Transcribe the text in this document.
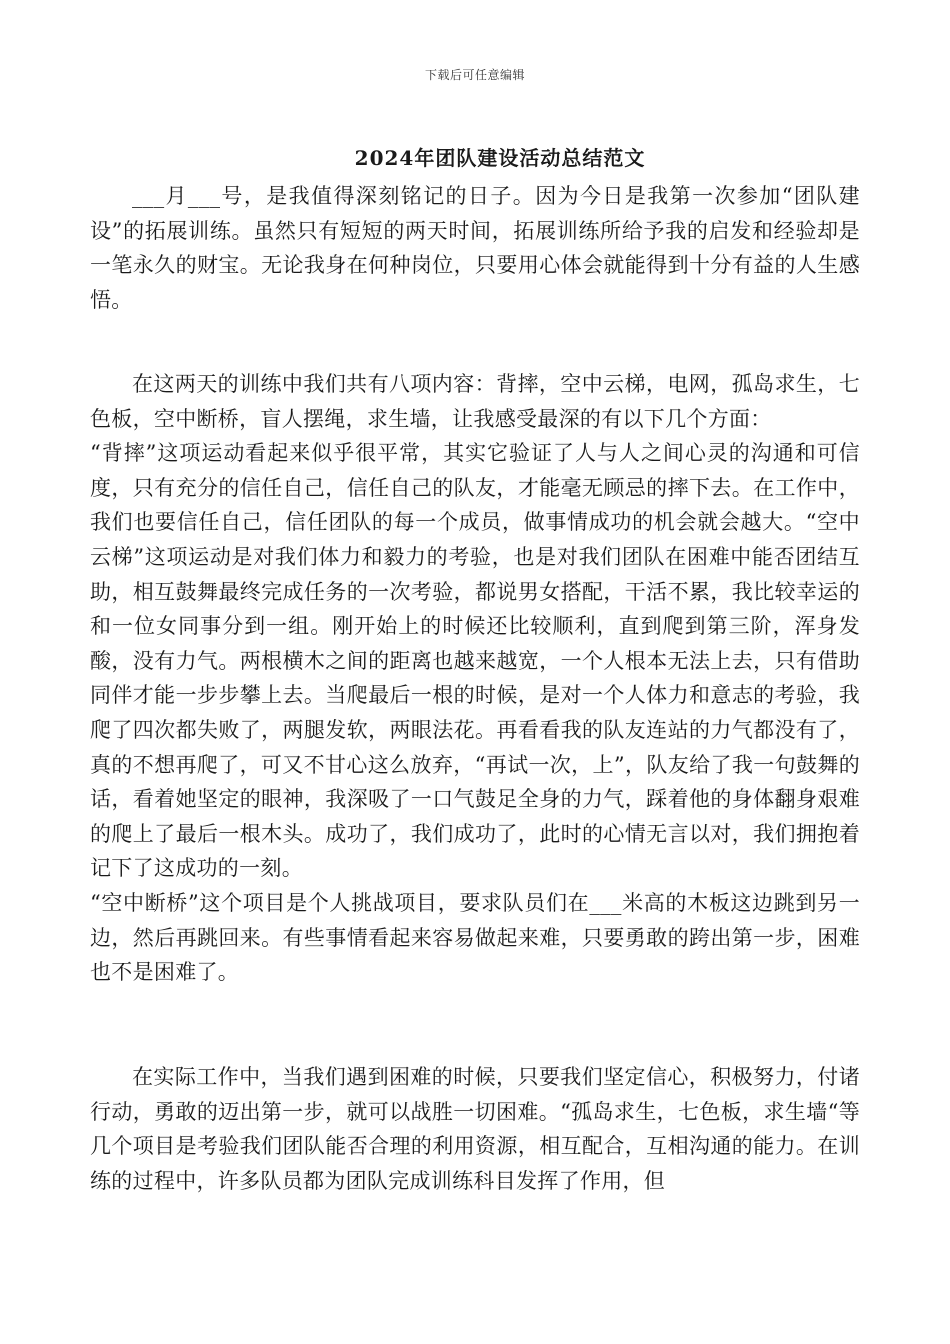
下载后可任意编辑
2024年团队建设活动总结范文

___月___号，是我值得深刻铭记的日子。因为今日是我第一次参加“团队建设”的拓展训练。虽然只有短短的两天时间，拓展训练所给予我的启发和经验却是一笔永久的财宝。无论我身在何种岗位，只要用心体会就能得到十分有益的人生感悟。

在这两天的训练中我们共有八项内容：背摔，空中云梯，电网，孤岛求生，七色板，空中断桥，盲人摆绳，求生墙，让我感受最深的有以下几个方面：

“背摔”这项运动看起来似乎很平常，其实它验证了人与人之间心灵的沟通和可信度，只有充分的信任自己，信任自己的队友，才能毫无顾忌的摔下去。在工作中，我们也要信任自己，信任团队的每一个成员，做事情成功的机会就会越大。“空中云梯”这项运动是对我们体力和毅力的考验，也是对我们团队在困难中能否团结互助，相互鼓舞最终完成任务的一次考验，都说男女搭配，干活不累，我比较幸运的和一位女同事分到一组。刚开始上的时候还比较顺利，直到爬到第三阶，浑身发酸，没有力气。两根横木之间的距离也越来越宽，一个人根本无法上去，只有借助同伴才能一步步攀上去。当爬最后一根的时候，是对一个人体力和意志的考验，我爬了四次都失败了，两腿发软，两眼法花。再看看我的队友连站的力气都没有了，真的不想再爬了，可又不甘心这么放弃，“再试一次，上”，队友给了我一句鼓舞的话，看着她坚定的眼神，我深吸了一口气鼓足全身的力气，踩着他的身体翻身艰难的爬上了最后一根木头。成功了，我们成功了，此时的心情无言以对，我们拥抱着记下了这成功的一刻。

“空中断桥”这个项目是个人挑战项目，要求队员们在___米高的木板这边跳到另一边，然后再跳回来。有些事情看起来容易做起来难，只要勇敢的跨出第一步，困难也不是困难了。

在实际工作中，当我们遇到困难的时候，只要我们坚定信心，积极努力，付诸行动，勇敢的迈出第一步，就可以战胜一切困难。“孤岛求生，七色板，求生墙“等几个项目是考验我们团队能否合理的利用资源，相互配合，互相沟通的能力。在训练的过程中，许多队员都为团队完成训练科目发挥了作用，但
